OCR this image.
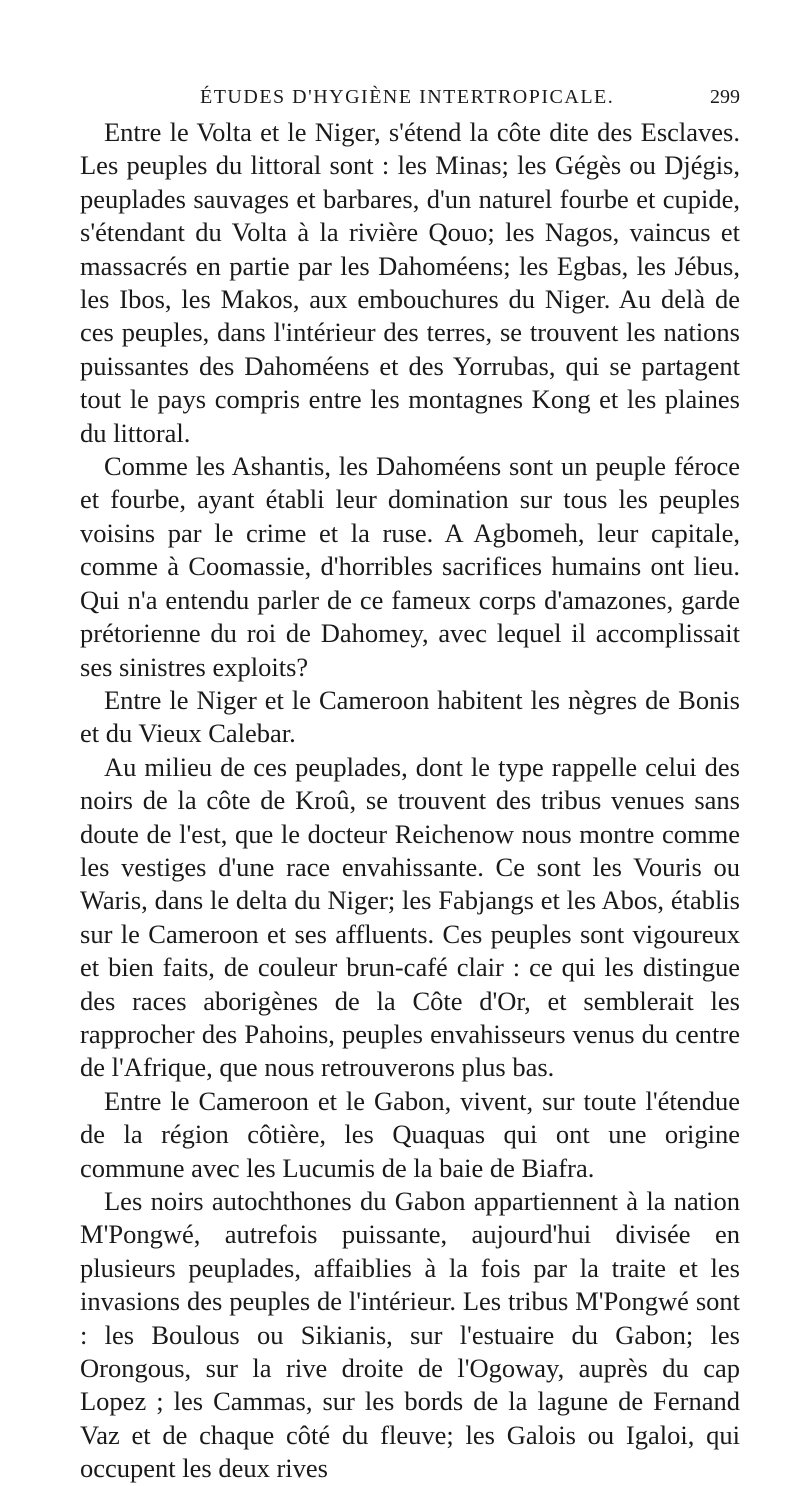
ÉTUDES D'HYGIÈNE INTERTROPICALE.	299

Entre le Volta et le Niger, s'étend la côte dite des Esclaves. Les peuples du littoral sont : les Minas; les Gégès ou Djégis, peuplades sauvages et barbares, d'un naturel fourbe et cupide, s'étendant du Volta à la rivière Qouo; les Nagos, vaincus et massacrés en partie par les Dahoméens; les Egbas, les Jébus, les Ibos, les Makos, aux embouchures du Niger. Au delà de ces peuples, dans l'intérieur des terres, se trouvent les nations puissantes des Dahoméens et des Yorrubas, qui se partagent tout le pays compris entre les montagnes Kong et les plaines du littoral.

Comme les Ashantis, les Dahoméens sont un peuple féroce et fourbe, ayant établi leur domination sur tous les peuples voisins par le crime et la ruse. A Agbomeh, leur capitale, comme à Coomassie, d'horribles sacrifices humains ont lieu. Qui n'a entendu parler de ce fameux corps d'amazones, garde prétorienne du roi de Dahomey, avec lequel il accomplissait ses sinistres exploits?

Entre le Niger et le Cameroon habitent les nègres de Bonis et du Vieux Calebar.

Au milieu de ces peuplades, dont le type rappelle celui des noirs de la côte de Kroû, se trouvent des tribus venues sans doute de l'est, que le docteur Reichenow nous montre comme les vestiges d'une race envahissante. Ce sont les Vouris ou Waris, dans le delta du Niger; les Fabjangs et les Abos, établis sur le Cameroon et ses affluents. Ces peuples sont vigoureux et bien faits, de couleur brun-café clair : ce qui les distingue des races aborigènes de la Côte d'Or, et semblerait les rapprocher des Pahoins, peuples envahisseurs venus du centre de l'Afrique, que nous retrouverons plus bas.

Entre le Cameroon et le Gabon, vivent, sur toute l'étendue de la région côtière, les Quaquas qui ont une origine commune avec les Lucumis de la baie de Biafra.

Les noirs autochthones du Gabon appartiennent à la nation M'Pongwé, autrefois puissante, aujourd'hui divisée en plusieurs peuplades, affaiblies à la fois par la traite et les invasions des peuples de l'intérieur. Les tribus M'Pongwé sont : les Boulous ou Sikianis, sur l'estuaire du Gabon; les Orongous, sur la rive droite de l'Ogoway, auprès du cap Lopez ; les Cammas, sur les bords de la lagune de Fernand Vaz et de chaque côté du fleuve; les Galois ou Igaloi, qui occupent les deux rives
